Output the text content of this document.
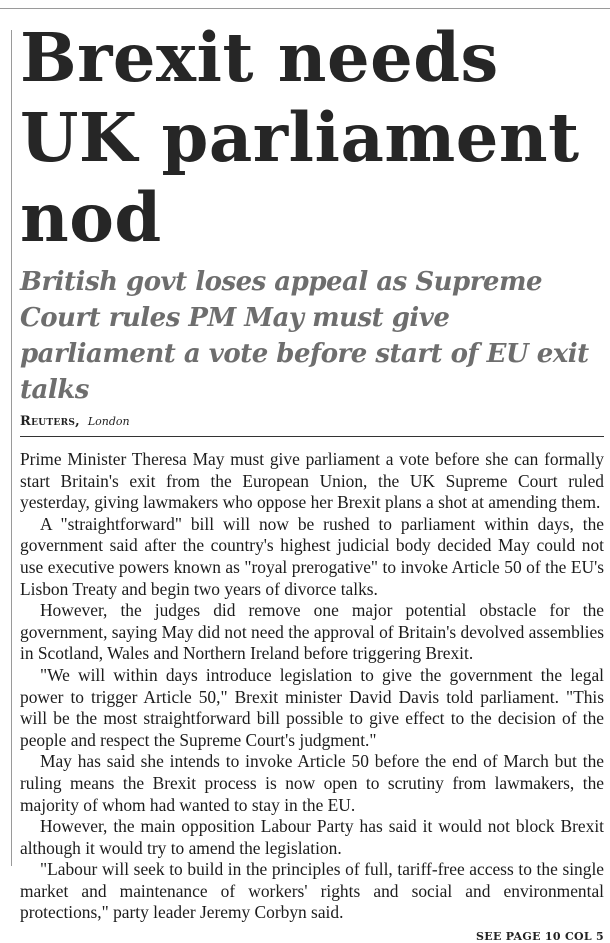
Brexit needs UK parliament nod
British govt loses appeal as Supreme Court rules PM May must give parliament a vote before start of EU exit talks
Reuters, London

Prime Minister Theresa May must give parliament a vote before she can formally start Britain's exit from the European Union, the UK Supreme Court ruled yesterday, giving lawmakers who oppose her Brexit plans a shot at amending them.

A "straightforward" bill will now be rushed to parliament within days, the government said after the country's highest judicial body decided May could not use executive powers known as "royal prerogative" to invoke Article 50 of the EU's Lisbon Treaty and begin two years of divorce talks.

However, the judges did remove one major potential obstacle for the government, saying May did not need the approval of Britain's devolved assemblies in Scotland, Wales and Northern Ireland before triggering Brexit.

"We will within days introduce legislation to give the government the legal power to trigger Article 50," Brexit minister David Davis told parliament. "This will be the most straightforward bill possible to give effect to the decision of the people and respect the Supreme Court's judgment."

May has said she intends to invoke Article 50 before the end of March but the ruling means the Brexit process is now open to scrutiny from lawmakers, the majority of whom had wanted to stay in the EU.

However, the main opposition Labour Party has said it would not block Brexit although it would try to amend the legislation.

"Labour will seek to build in the principles of full, tariff-free access to the single market and maintenance of workers' rights and social and environmental protections," party leader Jeremy Corbyn said.

SEE PAGE 10 COL 5
